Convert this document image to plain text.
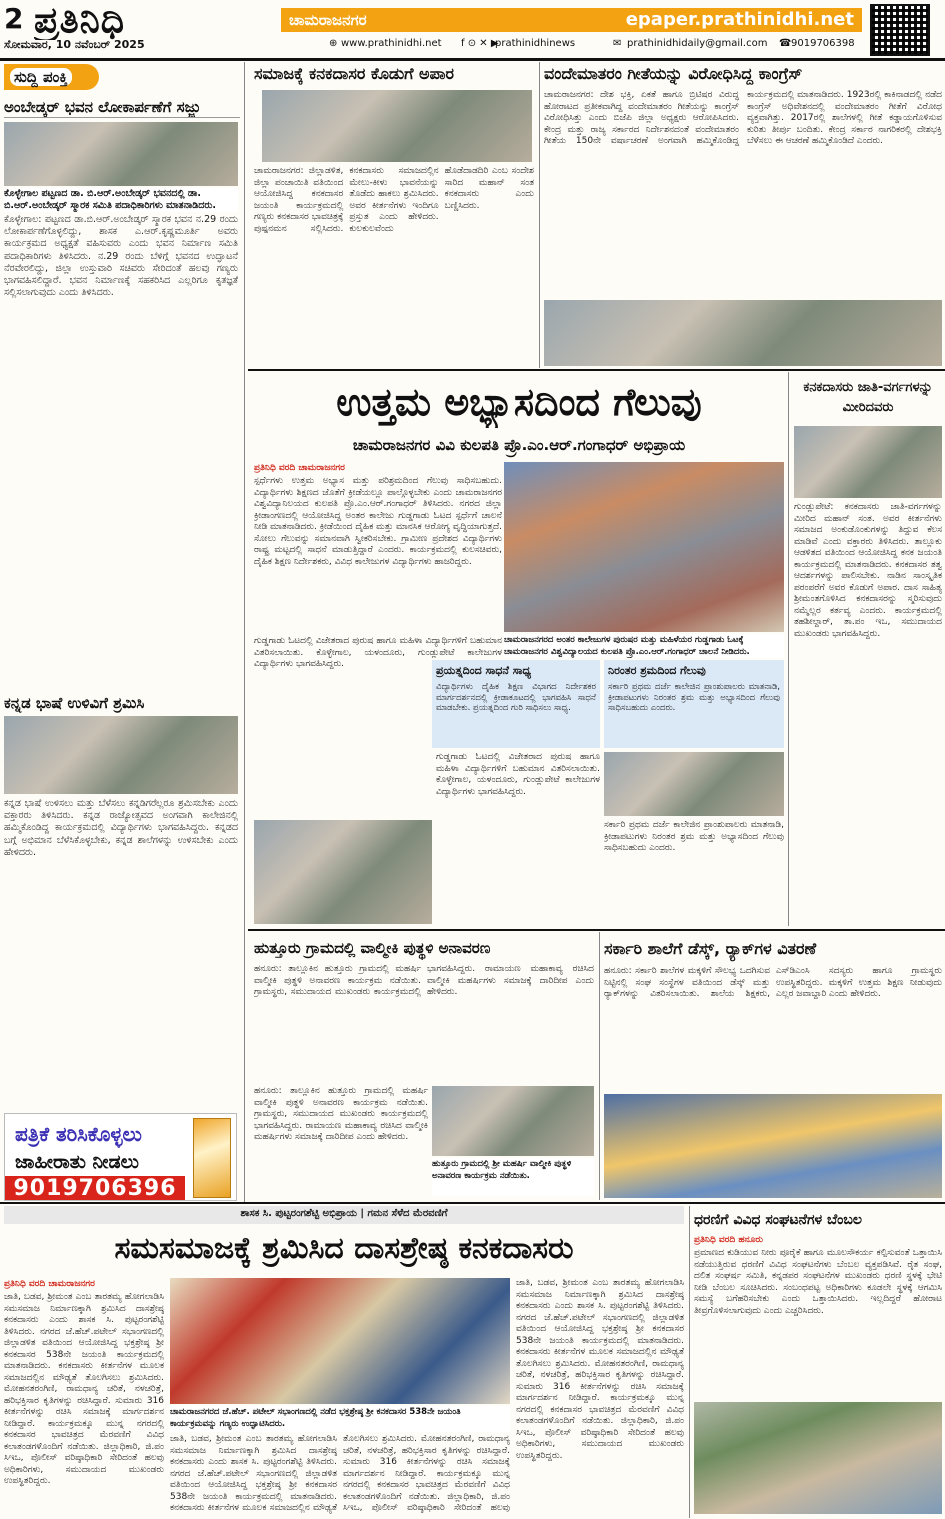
2 ಪ್ರತಿನಿಧಿ
ಸೋಮವಾರ, 10 ನವೆಂಬರ್ 2025
ಚಾಮರಾಜನಗರ	epaper.prathinidhi.net
⊕ www.prathinidhi.net f ⊙ ✕ ▶
prathinidhinews	✉ prathinidhidaily@gmail.com ☎ 9019706398
ಸುದ್ದಿ ಪಂಕ್ತಿ
ಅಂಬೇಡ್ಕರ್ ಭವನ ಲೋಕಾರ್ಪಣೆಗೆ ಸಜ್ಜು
ಕೊಳ್ಳೇಗಾಲ ಪಟ್ಟಣದ ಡಾ. ಬಿ.ಆರ್.ಅಂಬೇಡ್ಕರ್ ಭವನದಲ್ಲಿ ಡಾ. ಬಿ.ಆರ್.ಅಂಬೇಡ್ಕರ್ ಸ್ಮಾರಕ ಸಮಿತಿ ಪದಾಧಿಕಾರಿಗಳು ಮಾತನಾಡಿದರು.
ಕೊಳ್ಳೇಗಾಲ: ಪಟ್ಟಣದ ಡಾ.ಬಿ.ಆರ್.ಅಂಬೇಡ್ಕರ್ ಸ್ಮಾರಕ ಭವನ ನ.29 ರಂದು ಲೋಕಾರ್ಪಣೆಗೊಳ್ಳಲಿದ್ದು, ಶಾಸಕ ಎ.ಆರ್.ಕೃಷ್ಣಮೂರ್ತಿ ಅವರು ಕಾರ್ಯಕ್ರಮದ ಅಧ್ಯಕ್ಷತೆ ವಹಿಸುವರು ಎಂದು ಭವನ ನಿರ್ಮಾಣ ಸಮಿತಿ ಪದಾಧಿಕಾರಿಗಳು ತಿಳಿಸಿದರು. ನ.29 ರಂದು ಬೆಳಿಗ್ಗೆ ಭವನದ ಉದ್ಘಾಟನೆ ನೆರವೇರಲಿದ್ದು, ಜಿಲ್ಲಾ ಉಸ್ತುವಾರಿ ಸಚಿವರು ಸೇರಿದಂತೆ ಹಲವು ಗಣ್ಯರು ಭಾಗವಹಿಸಲಿದ್ದಾರೆ. ಭವನ ನಿರ್ಮಾಣಕ್ಕೆ ಸಹಕರಿಸಿದ ಎಲ್ಲರಿಗೂ ಕೃತಜ್ಞತೆ ಸಲ್ಲಿಸಲಾಗುವುದು ಎಂದು ತಿಳಿಸಿದರು.
ಕನ್ನಡ ಭಾಷೆ ಉಳಿವಿಗೆ ಶ್ರಮಿಸಿ
ಕನ್ನಡ ಭಾಷೆ ಉಳಿಸಲು ಮತ್ತು ಬೆಳೆಸಲು ಕನ್ನಡಿಗರೆಲ್ಲರೂ ಶ್ರಮಿಸಬೇಕು ಎಂದು ವಕ್ತಾರರು ತಿಳಿಸಿದರು. ಕನ್ನಡ ರಾಜ್ಯೋತ್ಸವದ ಅಂಗವಾಗಿ ಕಾಲೇಜಿನಲ್ಲಿ ಹಮ್ಮಿಕೊಂಡಿದ್ದ ಕಾರ್ಯಕ್ರಮದಲ್ಲಿ ವಿದ್ಯಾರ್ಥಿಗಳು ಭಾಗವಹಿಸಿದ್ದರು. ಕನ್ನಡದ ಬಗ್ಗೆ ಅಭಿಮಾನ ಬೆಳೆಸಿಕೊಳ್ಳಬೇಕು, ಕನ್ನಡ ಶಾಲೆಗಳನ್ನು ಉಳಿಸಬೇಕು ಎಂದು ಹೇಳಿದರು.
ಪತ್ರಿಕೆ ತರಿಸಿಕೊಳ್ಳಲು
ಜಾಹೀರಾತು ನೀಡಲು
9019706396
ಸಮಾಜಕ್ಕೆ ಕನಕದಾಸರ ಕೊಡುಗೆ ಅಪಾರ
ಚಾಮರಾಜನಗರ: ಜಿಲ್ಲಾಡಳಿತ, ಜಿಲ್ಲಾ ಪಂಚಾಯಿತಿ ವತಿಯಿಂದ ಆಯೋಜಿಸಿದ್ದ ಕನಕದಾಸರ ಜಯಂತಿ ಕಾರ್ಯಕ್ರಮದಲ್ಲಿ ಗಣ್ಯರು ಕನಕದಾಸರ ಭಾವಚಿತ್ರಕ್ಕೆ ಪುಷ್ಪನಮನ ಸಲ್ಲಿಸಿದರು. ಕನಕದಾಸರು ಸಮಾಜದಲ್ಲಿನ ಮೇಲು-ಕೀಳು ಭಾವನೆಯನ್ನು ತೊಡೆದು ಹಾಕಲು ಶ್ರಮಿಸಿದರು. ಅವರ ಕೀರ್ತನೆಗಳು ಇಂದಿಗೂ ಪ್ರಸ್ತುತ ಎಂದು ಹೇಳಿದರು. ಕುಲಕುಲವೆಂದು ಹೊಡೆದಾಡದಿರಿ ಎಂಬ ಸಂದೇಶ ಸಾರಿದ ಮಹಾನ್ ಸಂತ ಕನಕದಾಸರು ಎಂದು ಬಣ್ಣಿಸಿದರು.
ವಂದೇಮಾತರಂ ಗೀತೆಯನ್ನು ವಿರೋಧಿಸಿದ್ದ ಕಾಂಗ್ರೆಸ್
ಚಾಮರಾಜನಗರ: ದೇಶ ಭಕ್ತಿ, ಏಕತೆ ಹಾಗೂ ಬ್ರಿಟಿಷರ ವಿರುದ್ಧ ಹೋರಾಟದ ಪ್ರತೀಕವಾಗಿದ್ದ ವಂದೇಮಾತರಂ ಗೀತೆಯನ್ನು ಕಾಂಗ್ರೆಸ್ ವಿರೋಧಿಸಿತ್ತು ಎಂದು ಬಿಜೆಪಿ ಜಿಲ್ಲಾ ಅಧ್ಯಕ್ಷರು ಆರೋಪಿಸಿದರು. ಕೇಂದ್ರ ಮತ್ತು ರಾಜ್ಯ ಸರ್ಕಾರದ ನಿರ್ದೇಶನದಂತೆ ವಂದೇಮಾತರಂ ಗೀತೆಯ 150ನೇ ವರ್ಷಾಚರಣೆ ಅಂಗವಾಗಿ ಹಮ್ಮಿಕೊಂಡಿದ್ದ ಕಾರ್ಯಕ್ರಮದಲ್ಲಿ ಮಾತನಾಡಿದರು. 1923ರಲ್ಲಿ ಕಾಕಿನಾಡದಲ್ಲಿ ನಡೆದ ಕಾಂಗ್ರೆಸ್ ಅಧಿವೇಶನದಲ್ಲಿ ವಂದೇಮಾತರಂ ಗೀತೆಗೆ ವಿರೋಧ ವ್ಯಕ್ತವಾಗಿತ್ತು. 2017ರಲ್ಲಿ ಶಾಲೆಗಳಲ್ಲಿ ಗೀತೆ ಕಡ್ಡಾಯಗೊಳಿಸುವ ಕುರಿತು ತೀರ್ಪು ಬಂದಿತು. ಕೇಂದ್ರ ಸರ್ಕಾರ ನಾಗರಿಕರಲ್ಲಿ ದೇಶಭಕ್ತಿ ಬೆಳೆಸಲು ಈ ಆಚರಣೆ ಹಮ್ಮಿಕೊಂಡಿದೆ ಎಂದರು.
ಉತ್ತಮ ಅಭ್ಯಾಸದಿಂದ ಗೆಲುವು
ಚಾಮರಾಜನಗರ ವಿವಿ ಕುಲಪತಿ ಪ್ರೊ.ಎಂ.ಆರ್.ಗಂಗಾಧರ್ ಅಭಿಪ್ರಾಯ
ಪ್ರತಿನಿಧಿ ವರದಿ ಚಾಮರಾಜನಗರ
ಸ್ಪರ್ಧೆಗಳು ಉತ್ತಮ ಅಭ್ಯಾಸ ಮತ್ತು ಪರಿಶ್ರಮದಿಂದ ಗೆಲುವು ಸಾಧಿಸಬಹುದು. ವಿದ್ಯಾರ್ಥಿಗಳು ಶಿಕ್ಷಣದ ಜೊತೆಗೆ ಕ್ರೀಡೆಯಲ್ಲೂ ಪಾಲ್ಗೊಳ್ಳಬೇಕು ಎಂದು ಚಾಮರಾಜನಗರ ವಿಶ್ವವಿದ್ಯಾನಿಲಯದ ಕುಲಪತಿ ಪ್ರೊ.ಎಂ.ಆರ್.ಗಂಗಾಧರ್ ತಿಳಿಸಿದರು. ನಗರದ ಜಿಲ್ಲಾ ಕ್ರೀಡಾಂಗಣದಲ್ಲಿ ಆಯೋಜಿಸಿದ್ದ ಅಂತರ ಕಾಲೇಜು ಗುಡ್ಡಗಾಡು ಓಟದ ಸ್ಪರ್ಧೆಗೆ ಚಾಲನೆ ನೀಡಿ ಮಾತನಾಡಿದರು. ಕ್ರೀಡೆಯಿಂದ ದೈಹಿಕ ಮತ್ತು ಮಾನಸಿಕ ಆರೋಗ್ಯ ವೃದ್ಧಿಯಾಗುತ್ತದೆ. ಸೋಲು ಗೆಲುವನ್ನು ಸಮಾನವಾಗಿ ಸ್ವೀಕರಿಸಬೇಕು. ಗ್ರಾಮೀಣ ಪ್ರದೇಶದ ವಿದ್ಯಾರ್ಥಿಗಳು ರಾಷ್ಟ್ರ ಮಟ್ಟದಲ್ಲಿ ಸಾಧನೆ ಮಾಡುತ್ತಿದ್ದಾರೆ ಎಂದರು. ಕಾರ್ಯಕ್ರಮದಲ್ಲಿ ಕುಲಸಚಿವರು, ದೈಹಿಕ ಶಿಕ್ಷಣ ನಿರ್ದೇಶಕರು, ವಿವಿಧ ಕಾಲೇಜುಗಳ ವಿದ್ಯಾರ್ಥಿಗಳು ಹಾಜರಿದ್ದರು.
ಚಾಮರಾಜನಗರದ ಅಂತರ ಕಾಲೇಜುಗಳ ಪುರುಷರ ಮತ್ತು ಮಹಿಳೆಯರ ಗುಡ್ಡಗಾಡು ಓಟಕ್ಕೆ ಚಾಮರಾಜನಗರ ವಿಶ್ವವಿದ್ಯಾಲಯದ ಕುಲಪತಿ ಪ್ರೊ.ಎಂ.ಆರ್.ಗಂಗಾಧರ್ ಚಾಲನೆ ನೀಡಿದರು.
ಗುಡ್ಡಗಾಡು ಓಟದಲ್ಲಿ ವಿಜೇತರಾದ ಪುರುಷ ಹಾಗೂ ಮಹಿಳಾ ವಿದ್ಯಾರ್ಥಿಗಳಿಗೆ ಬಹುಮಾನ ವಿತರಿಸಲಾಯಿತು. ಕೊಳ್ಳೇಗಾಲ, ಯಳಂದೂರು, ಗುಂಡ್ಲುಪೇಟೆ ಕಾಲೇಜುಗಳ ವಿದ್ಯಾರ್ಥಿಗಳು ಭಾಗವಹಿಸಿದ್ದರು.	ಪ್ರಯತ್ನದಿಂದ ಸಾಧನೆ ಸಾಧ್ಯ
ವಿದ್ಯಾರ್ಥಿಗಳು ದೈಹಿಕ ಶಿಕ್ಷಣ ವಿಭಾಗದ ನಿರ್ದೇಶಕರ ಮಾರ್ಗದರ್ಶನದಲ್ಲಿ ಕ್ರೀಡಾಕೂಟದಲ್ಲಿ ಭಾಗವಹಿಸಿ ಸಾಧನೆ ಮಾಡಬೇಕು. ಪ್ರಯತ್ನದಿಂದ ಗುರಿ ಸಾಧಿಸಲು ಸಾಧ್ಯ.
ನಿರಂತರ ಶ್ರಮದಿಂದ ಗೆಲುವು
ಸರ್ಕಾರಿ ಪ್ರಥಮ ದರ್ಜೆ ಕಾಲೇಜಿನ ಪ್ರಾಂಶುಪಾಲರು ಮಾತನಾಡಿ, ಕ್ರೀಡಾಪಟುಗಳು ನಿರಂತರ ಶ್ರಮ ಮತ್ತು ಅಭ್ಯಾಸದಿಂದ ಗೆಲುವು ಸಾಧಿಸಬಹುದು ಎಂದರು.
ಗುಡ್ಡಗಾಡು ಓಟದಲ್ಲಿ ವಿಜೇತರಾದ ಪುರುಷ ಹಾಗೂ ಮಹಿಳಾ ವಿದ್ಯಾರ್ಥಿಗಳಿಗೆ ಬಹುಮಾನ ವಿತರಿಸಲಾಯಿತು. ಕೊಳ್ಳೇಗಾಲ, ಯಳಂದೂರು, ಗುಂಡ್ಲುಪೇಟೆ ಕಾಲೇಜುಗಳ ವಿದ್ಯಾರ್ಥಿಗಳು ಭಾಗವಹಿಸಿದ್ದರು.
ಸರ್ಕಾರಿ ಪ್ರಥಮ ದರ್ಜೆ ಕಾಲೇಜಿನ ಪ್ರಾಂಶುಪಾಲರು ಮಾತನಾಡಿ, ಕ್ರೀಡಾಪಟುಗಳು ನಿರಂತರ ಶ್ರಮ ಮತ್ತು ಅಭ್ಯಾಸದಿಂದ ಗೆಲುವು ಸಾಧಿಸಬಹುದು ಎಂದರು.
ಕನಕದಾಸರು ಜಾತಿ-ವರ್ಗಗಳನ್ನು ಮೀರಿದವರು
ಗುಂಡ್ಲುಪೇಟೆ: ಕನಕದಾಸರು ಜಾತಿ-ವರ್ಗಗಳನ್ನು ಮೀರಿದ ಮಹಾನ್ ಸಂತ. ಅವರ ಕೀರ್ತನೆಗಳು ಸಮಾಜದ ಅಂಕುಡೊಂಕುಗಳನ್ನು ತಿದ್ದುವ ಕೆಲಸ ಮಾಡಿವೆ ಎಂದು ವಕ್ತಾರರು ತಿಳಿಸಿದರು. ತಾಲ್ಲೂಕು ಆಡಳಿತದ ವತಿಯಿಂದ ಆಯೋಜಿಸಿದ್ದ ಕನಕ ಜಯಂತಿ ಕಾರ್ಯಕ್ರಮದಲ್ಲಿ ಮಾತನಾಡಿದರು. ಕನಕದಾಸರ ತತ್ವ ಆದರ್ಶಗಳನ್ನು ಪಾಲಿಸಬೇಕು. ನಾಡಿನ ಸಾಂಸ್ಕೃತಿಕ ಪರಂಪರೆಗೆ ಅವರ ಕೊಡುಗೆ ಅಪಾರ. ದಾಸ ಸಾಹಿತ್ಯ ಶ್ರೀಮಂತಗೊಳಿಸಿದ ಕನಕದಾಸರನ್ನು ಸ್ಮರಿಸುವುದು ನಮ್ಮೆಲ್ಲರ ಕರ್ತವ್ಯ ಎಂದರು. ಕಾರ್ಯಕ್ರಮದಲ್ಲಿ ತಹಶೀಲ್ದಾರ್, ತಾ.ಪಂ ಇಒ, ಸಮುದಾಯದ ಮುಖಂಡರು ಭಾಗವಹಿಸಿದ್ದರು.
ಹುತ್ತೂರು ಗ್ರಾಮದಲ್ಲಿ ವಾಲ್ಮೀಕಿ ಪುತ್ಥಳಿ ಅನಾವರಣ
ಹನೂರು: ತಾಲ್ಲೂಕಿನ ಹುತ್ತೂರು ಗ್ರಾಮದಲ್ಲಿ ಮಹರ್ಷಿ ವಾಲ್ಮೀಕಿ ಪುತ್ಥಳಿ ಅನಾವರಣ ಕಾರ್ಯಕ್ರಮ ನಡೆಯಿತು. ಗ್ರಾಮಸ್ಥರು, ಸಮುದಾಯದ ಮುಖಂಡರು ಕಾರ್ಯಕ್ರಮದಲ್ಲಿ ಭಾಗವಹಿಸಿದ್ದರು. ರಾಮಾಯಣ ಮಹಾಕಾವ್ಯ ರಚಿಸಿದ ವಾಲ್ಮೀಕಿ ಮಹರ್ಷಿಗಳು ಸಮಾಜಕ್ಕೆ ದಾರಿದೀಪ ಎಂದು ಹೇಳಿದರು.
ಹುತ್ತೂರು ಗ್ರಾಮದಲ್ಲಿ ಶ್ರೀ ಮಹರ್ಷಿ ವಾಲ್ಮೀಕಿ ಪುತ್ಥಳಿ ಅನಾವರಣ ಕಾರ್ಯಕ್ರಮ ನಡೆಯಿತು.
ಹನೂರು: ತಾಲ್ಲೂಕಿನ ಹುತ್ತೂರು ಗ್ರಾಮದಲ್ಲಿ ಮಹರ್ಷಿ ವಾಲ್ಮೀಕಿ ಪುತ್ಥಳಿ ಅನಾವರಣ ಕಾರ್ಯಕ್ರಮ ನಡೆಯಿತು. ಗ್ರಾಮಸ್ಥರು, ಸಮುದಾಯದ ಮುಖಂಡರು ಕಾರ್ಯಕ್ರಮದಲ್ಲಿ ಭಾಗವಹಿಸಿದ್ದರು. ರಾಮಾಯಣ ಮಹಾಕಾವ್ಯ ರಚಿಸಿದ ವಾಲ್ಮೀಕಿ ಮಹರ್ಷಿಗಳು ಸಮಾಜಕ್ಕೆ ದಾರಿದೀಪ ಎಂದು ಹೇಳಿದರು.
ಸರ್ಕಾರಿ ಶಾಲೆಗೆ ಡೆಸ್ಕ್, ರ್‍ಯಾಕ್‌ಗಳ ವಿತರಣೆ
ಹನೂರು: ಸರ್ಕಾರಿ ಶಾಲೆಗಳ ಮಕ್ಕಳಿಗೆ ಸೌಲಭ್ಯ ಒದಗಿಸುವ ನಿಟ್ಟಿನಲ್ಲಿ ಸಂಘ ಸಂಸ್ಥೆಗಳ ವತಿಯಿಂದ ಡೆಸ್ಕ್ ಮತ್ತು ರ್‍ಯಾಕ್‌ಗಳನ್ನು ವಿತರಿಸಲಾಯಿತು. ಶಾಲೆಯ ಶಿಕ್ಷಕರು, ಎಸ್‌ಡಿಎಂಸಿ ಸದಸ್ಯರು ಹಾಗೂ ಗ್ರಾಮಸ್ಥರು ಉಪಸ್ಥಿತರಿದ್ದರು. ಮಕ್ಕಳಿಗೆ ಉತ್ತಮ ಶಿಕ್ಷಣ ನೀಡುವುದು ಎಲ್ಲರ ಜವಾಬ್ದಾರಿ ಎಂದು ಹೇಳಿದರು.
ಶಾಸಕ ಸಿ. ಪುಟ್ಟರಂಗಶೆಟ್ಟಿ ಅಭಿಪ್ರಾಯ | ಗಮನ ಸೆಳೆದ ಮೆರವಣಿಗೆ
ಸಮಸಮಾಜಕ್ಕೆ ಶ್ರಮಿಸಿದ ದಾಸಶ್ರೇಷ್ಠ ಕನಕದಾಸರು
ಪ್ರತಿನಿಧಿ ವರದಿ ಚಾಮರಾಜನಗರ
ಜಾತಿ, ಬಡವ, ಶ್ರೀಮಂತ ಎಂಬ ತಾರತಮ್ಯ ಹೋಗಲಾಡಿಸಿ ಸಮಸಮಾಜ ನಿರ್ಮಾಣಕ್ಕಾಗಿ ಶ್ರಮಿಸಿದ ದಾಸಶ್ರೇಷ್ಠ ಕನಕದಾಸರು ಎಂದು ಶಾಸಕ ಸಿ. ಪುಟ್ಟರಂಗಶೆಟ್ಟಿ ತಿಳಿಸಿದರು. ನಗರದ ಜೆ.ಹೆಚ್.ಪಟೇಲ್ ಸಭಾಂಗಣದಲ್ಲಿ ಜಿಲ್ಲಾಡಳಿತ ವತಿಯಿಂದ ಆಯೋಜಿಸಿದ್ದ ಭಕ್ತಶ್ರೇಷ್ಠ ಶ್ರೀ ಕನಕದಾಸರ 538ನೇ ಜಯಂತಿ ಕಾರ್ಯಕ್ರಮದಲ್ಲಿ ಮಾತನಾಡಿದರು. ಕನಕದಾಸರು ಕೀರ್ತನೆಗಳ ಮೂಲಕ ಸಮಾಜದಲ್ಲಿನ ಮೌಢ್ಯತೆ ತೊಲಗಿಸಲು ಶ್ರಮಿಸಿದರು. ಮೋಹನತರಂಗಿಣಿ, ರಾಮಧಾನ್ಯ ಚರಿತೆ, ನಳಚರಿತ್ರೆ, ಹರಿಭಕ್ತಿಸಾರ ಕೃತಿಗಳನ್ನು ರಚಿಸಿದ್ದಾರೆ. ಸುಮಾರು 316 ಕೀರ್ತನೆಗಳನ್ನು ರಚಿಸಿ ಸಮಾಜಕ್ಕೆ ಮಾರ್ಗದರ್ಶನ ನೀಡಿದ್ದಾರೆ. ಕಾರ್ಯಕ್ರಮಕ್ಕೂ ಮುನ್ನ ನಗರದಲ್ಲಿ ಕನಕದಾಸರ ಭಾವಚಿತ್ರದ ಮೆರವಣಿಗೆ ವಿವಿಧ ಕಲಾತಂಡಗಳೊಂದಿಗೆ ನಡೆಯಿತು. ಜಿಲ್ಲಾಧಿಕಾರಿ, ಜಿ.ಪಂ ಸಿಇಒ, ಪೊಲೀಸ್ ವರಿಷ್ಠಾಧಿಕಾರಿ ಸೇರಿದಂತೆ ಹಲವು ಅಧಿಕಾರಿಗಳು, ಸಮುದಾಯದ ಮುಖಂಡರು ಉಪಸ್ಥಿತರಿದ್ದರು.
ಚಾಮರಾಜನಗರದ ಜೆ.ಹೆಚ್. ಪಟೇಲ್ ಸಭಾಂಗಣದಲ್ಲಿ ನಡೆದ ಭಕ್ತಶ್ರೇಷ್ಠ ಶ್ರೀ ಕನಕದಾಸರ 538ನೇ ಜಯಂತಿ ಕಾರ್ಯಕ್ರಮವನ್ನು ಗಣ್ಯರು ಉದ್ಘಾಟಿಸಿದರು.
ಜಾತಿ, ಬಡವ, ಶ್ರೀಮಂತ ಎಂಬ ತಾರತಮ್ಯ ಹೋಗಲಾಡಿಸಿ ಸಮಸಮಾಜ ನಿರ್ಮಾಣಕ್ಕಾಗಿ ಶ್ರಮಿಸಿದ ದಾಸಶ್ರೇಷ್ಠ ಕನಕದಾಸರು ಎಂದು ಶಾಸಕ ಸಿ. ಪುಟ್ಟರಂಗಶೆಟ್ಟಿ ತಿಳಿಸಿದರು. ನಗರದ ಜೆ.ಹೆಚ್.ಪಟೇಲ್ ಸಭಾಂಗಣದಲ್ಲಿ ಜಿಲ್ಲಾಡಳಿತ ವತಿಯಿಂದ ಆಯೋಜಿಸಿದ್ದ ಭಕ್ತಶ್ರೇಷ್ಠ ಶ್ರೀ ಕನಕದಾಸರ 538ನೇ ಜಯಂತಿ ಕಾರ್ಯಕ್ರಮದಲ್ಲಿ ಮಾತನಾಡಿದರು. ಕನಕದಾಸರು ಕೀರ್ತನೆಗಳ ಮೂಲಕ ಸಮಾಜದಲ್ಲಿನ ಮೌಢ್ಯತೆ ತೊಲಗಿಸಲು ಶ್ರಮಿಸಿದರು. ಮೋಹನತರಂಗಿಣಿ, ರಾಮಧಾನ್ಯ ಚರಿತೆ, ನಳಚರಿತ್ರೆ, ಹರಿಭಕ್ತಿಸಾರ ಕೃತಿಗಳನ್ನು ರಚಿಸಿದ್ದಾರೆ. ಸುಮಾರು 316 ಕೀರ್ತನೆಗಳನ್ನು ರಚಿಸಿ ಸಮಾಜಕ್ಕೆ ಮಾರ್ಗದರ್ಶನ ನೀಡಿದ್ದಾರೆ. ಕಾರ್ಯಕ್ರಮಕ್ಕೂ ಮುನ್ನ ನಗರದಲ್ಲಿ ಕನಕದಾಸರ ಭಾವಚಿತ್ರದ ಮೆರವಣಿಗೆ ವಿವಿಧ ಕಲಾತಂಡಗಳೊಂದಿಗೆ ನಡೆಯಿತು. ಜಿಲ್ಲಾಧಿಕಾರಿ, ಜಿ.ಪಂ ಸಿಇಒ, ಪೊಲೀಸ್ ವರಿಷ್ಠಾಧಿಕಾರಿ ಸೇರಿದಂತೆ ಹಲವು
ಜಾತಿ, ಬಡವ, ಶ್ರೀಮಂತ ಎಂಬ ತಾರತಮ್ಯ ಹೋಗಲಾಡಿಸಿ ಸಮಸಮಾಜ ನಿರ್ಮಾಣಕ್ಕಾಗಿ ಶ್ರಮಿಸಿದ ದಾಸಶ್ರೇಷ್ಠ ಕನಕದಾಸರು ಎಂದು ಶಾಸಕ ಸಿ. ಪುಟ್ಟರಂಗಶೆಟ್ಟಿ ತಿಳಿಸಿದರು. ನಗರದ ಜೆ.ಹೆಚ್.ಪಟೇಲ್ ಸಭಾಂಗಣದಲ್ಲಿ ಜಿಲ್ಲಾಡಳಿತ ವತಿಯಿಂದ ಆಯೋಜಿಸಿದ್ದ ಭಕ್ತಶ್ರೇಷ್ಠ ಶ್ರೀ ಕನಕದಾಸರ 538ನೇ ಜಯಂತಿ ಕಾರ್ಯಕ್ರಮದಲ್ಲಿ ಮಾತನಾಡಿದರು. ಕನಕದಾಸರು ಕೀರ್ತನೆಗಳ ಮೂಲಕ ಸಮಾಜದಲ್ಲಿನ ಮೌಢ್ಯತೆ ತೊಲಗಿಸಲು ಶ್ರಮಿಸಿದರು. ಮೋಹನತರಂಗಿಣಿ, ರಾಮಧಾನ್ಯ ಚರಿತೆ, ನಳಚರಿತ್ರೆ, ಹರಿಭಕ್ತಿಸಾರ ಕೃತಿಗಳನ್ನು ರಚಿಸಿದ್ದಾರೆ. ಸುಮಾರು 316 ಕೀರ್ತನೆಗಳನ್ನು ರಚಿಸಿ ಸಮಾಜಕ್ಕೆ ಮಾರ್ಗದರ್ಶನ ನೀಡಿದ್ದಾರೆ. ಕಾರ್ಯಕ್ರಮಕ್ಕೂ ಮುನ್ನ ನಗರದಲ್ಲಿ ಕನಕದಾಸರ ಭಾವಚಿತ್ರದ ಮೆರವಣಿಗೆ ವಿವಿಧ ಕಲಾತಂಡಗಳೊಂದಿಗೆ ನಡೆಯಿತು. ಜಿಲ್ಲಾಧಿಕಾರಿ, ಜಿ.ಪಂ ಸಿಇಒ, ಪೊಲೀಸ್ ವರಿಷ್ಠಾಧಿಕಾರಿ ಸೇರಿದಂತೆ ಹಲವು ಅಧಿಕಾರಿಗಳು, ಸಮುದಾಯದ ಮುಖಂಡರು ಉಪಸ್ಥಿತರಿದ್ದರು.
ಧರಣಿಗೆ ವಿವಿಧ ಸಂಘಟನೆಗಳ ಬೆಂಬಲ
ಪ್ರತಿನಿಧಿ ವರದಿ ಹನೂರು
ಪ್ರಮಾಣದ ಕುಡಿಯುವ ನೀರು ಪೂರೈಕೆ ಹಾಗೂ ಮೂಲಸೌಕರ್ಯ ಕಲ್ಪಿಸುವಂತೆ ಒತ್ತಾಯಿಸಿ ನಡೆಯುತ್ತಿರುವ ಧರಣಿಗೆ ವಿವಿಧ ಸಂಘಟನೆಗಳು ಬೆಂಬಲ ವ್ಯಕ್ತಪಡಿಸಿವೆ. ರೈತ ಸಂಘ, ದಲಿತ ಸಂಘರ್ಷ ಸಮಿತಿ, ಕನ್ನಡಪರ ಸಂಘಟನೆಗಳ ಮುಖಂಡರು ಧರಣಿ ಸ್ಥಳಕ್ಕೆ ಭೇಟಿ ನೀಡಿ ಬೆಂಬಲ ಸೂಚಿಸಿದರು. ಸಂಬಂಧಪಟ್ಟ ಅಧಿಕಾರಿಗಳು ಕೂಡಲೇ ಸ್ಥಳಕ್ಕೆ ಆಗಮಿಸಿ ಸಮಸ್ಯೆ ಬಗೆಹರಿಸಬೇಕು ಎಂದು ಒತ್ತಾಯಿಸಿದರು. ಇಲ್ಲದಿದ್ದರೆ ಹೋರಾಟ ತೀವ್ರಗೊಳಿಸಲಾಗುವುದು ಎಂದು ಎಚ್ಚರಿಸಿದರು.
